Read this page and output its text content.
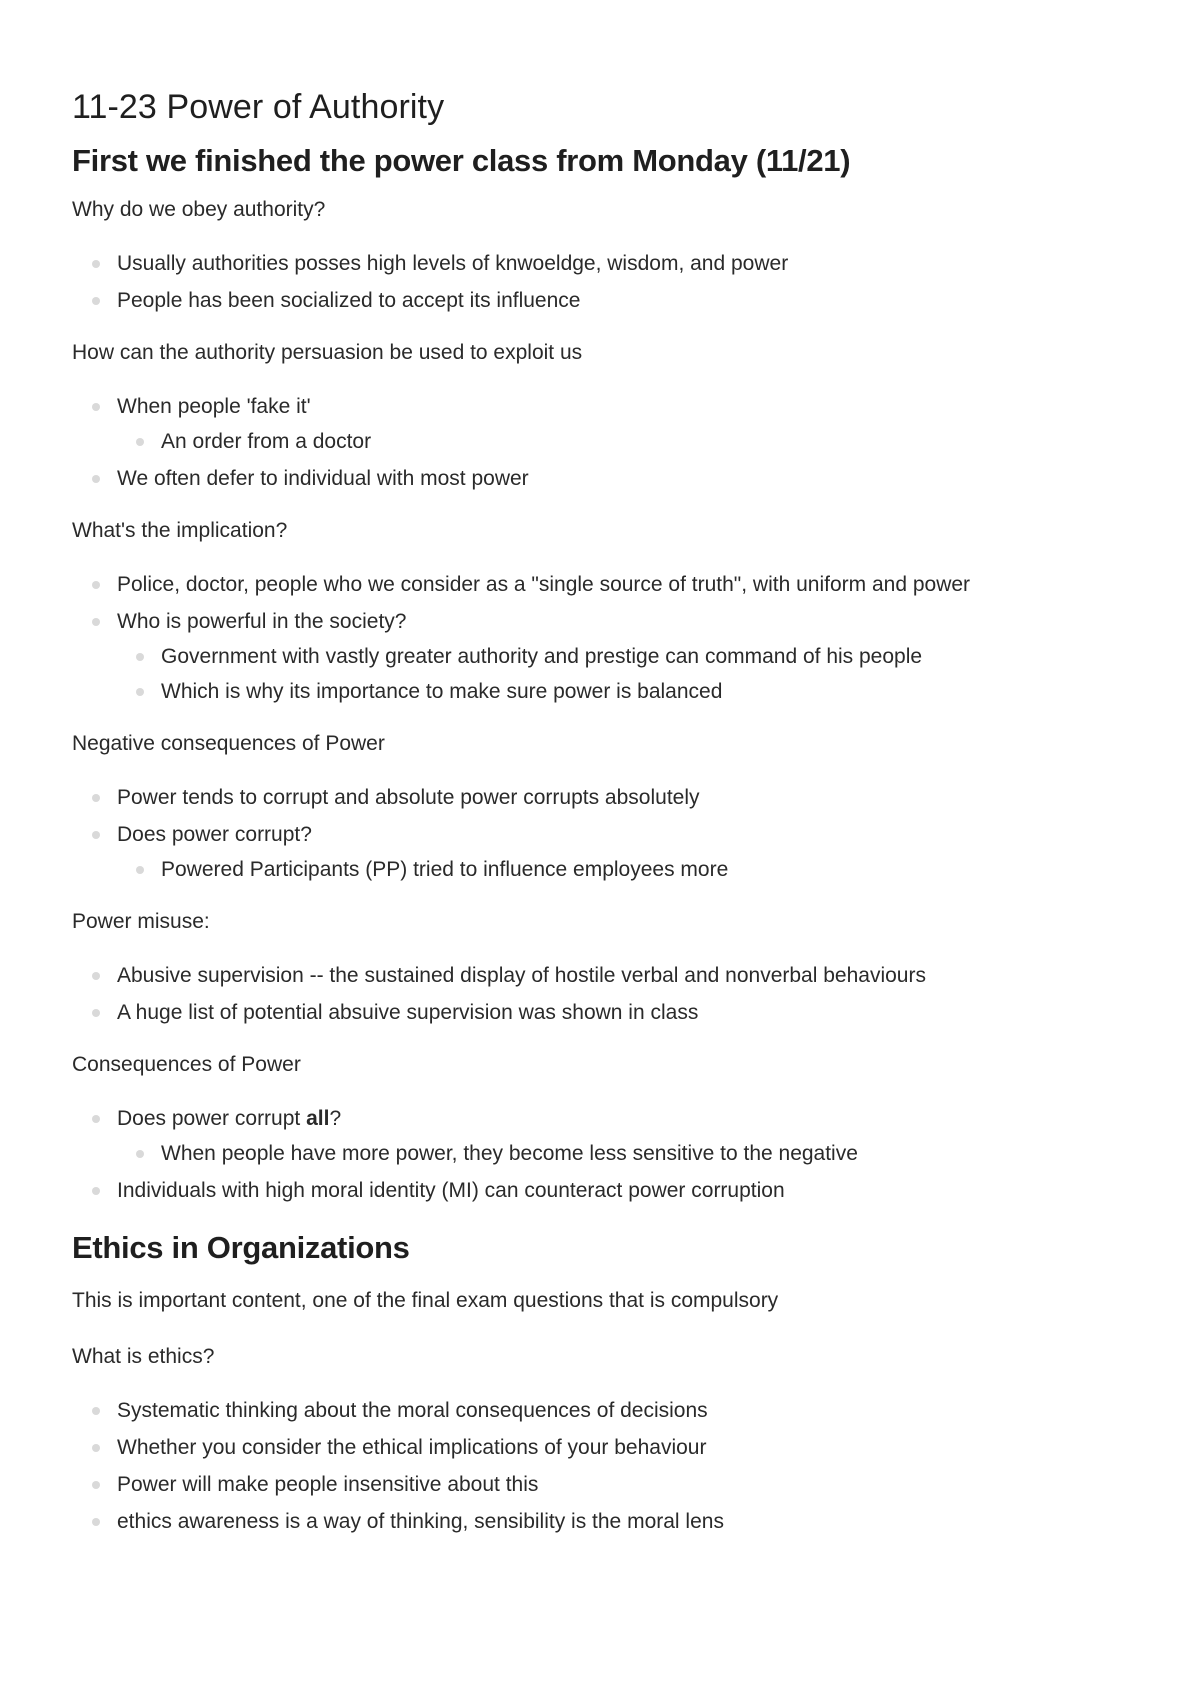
11-23 Power of Authority
First we finished the power class from Monday (11/21)

Why do we obey authority?

Usually authorities posses high levels of knwoeldge, wisdom, and power
People has been socialized to accept its influence

How can the authority persuasion be used to exploit us

When people 'fake it'
An order from a doctor
We often defer to individual with most power

What's the implication?

Police, doctor, people who we consider as a "single source of truth", with uniform and power
Who is powerful in the society?
Government with vastly greater authority and prestige can command of his people
Which is why its importance to make sure power is balanced

Negative consequences of Power

Power tends to corrupt and absolute power corrupts absolutely
Does power corrupt?
Powered Participants (PP) tried to influence employees more

Power misuse:

Abusive supervision -- the sustained display of hostile verbal and nonverbal behaviours
A huge list of potential absuive supervision was shown in class

Consequences of Power

Does power corrupt all?
When people have more power, they become less sensitive to the negative
Individuals with high moral identity (MI) can counteract power corruption
Ethics in Organizations

This is important content, one of the final exam questions that is compulsory

What is ethics?

Systematic thinking about the moral consequences of decisions
Whether you consider the ethical implications of your behaviour
Power will make people insensitive about this
ethics awareness is a way of thinking, sensibility is the moral lens
